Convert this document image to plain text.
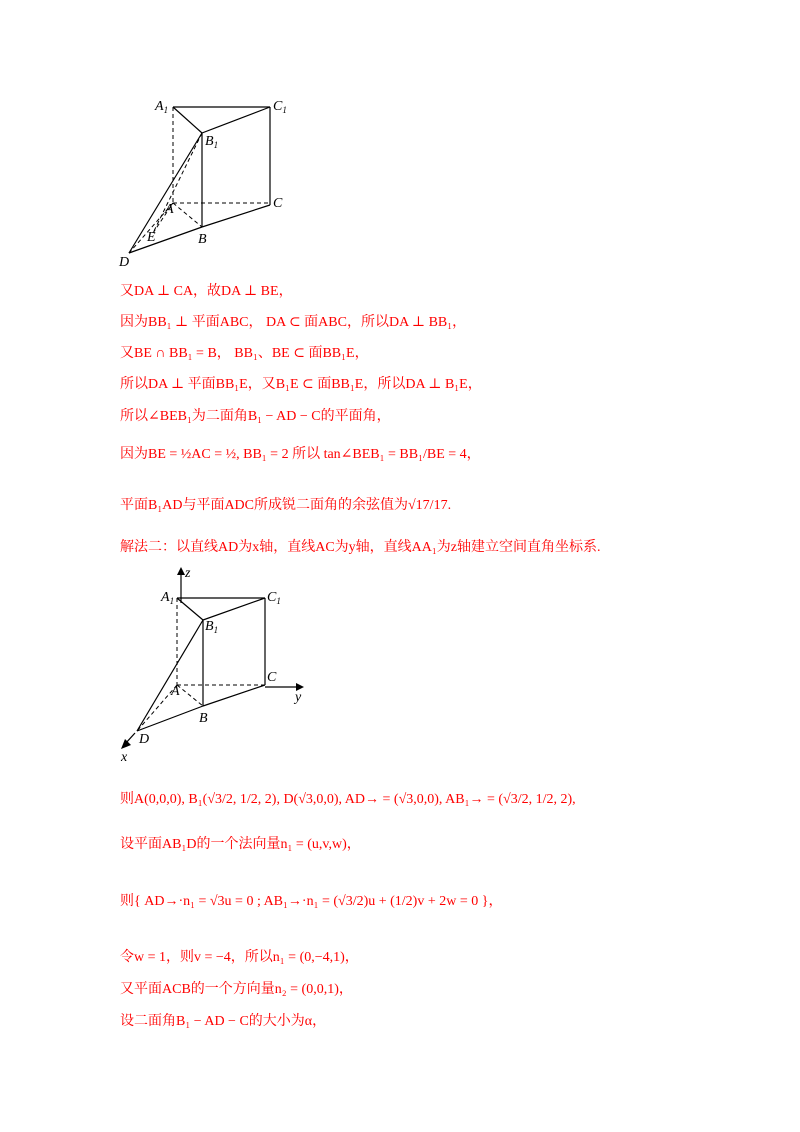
$A_1$	$C_1$
$B_1$
A	C
B
E
D
又DA ⊥ CA，故DA ⊥ BE，
因为BB₁ ⊥ 平面ABC， DA ⊂ 面ABC，所以DA ⊥ BB₁，
又BE ∩ BB₁ = B， BB₁、BE ⊂ 面BB₁E，
所以DA ⊥ 平面BB₁E，又B₁E ⊂ 面BB₁E，所以DA ⊥ B₁E，
所以∠BEB₁为二面角B₁ − AD − C的平面角，
因为BE = ½AC = ½, BB₁ = 2 所以 tan∠BEB₁ = BB₁/BE = 4，
平面B₁AD与平面ADC所成锐二面角的余弦值为√17/17.
解法二：以直线AD为x轴，直线AC为y轴，直线AA₁为z轴建立空间直角坐标系.
z
y
x
$A_1$	$C_1$
$B_1$
A
C
B
D
则A(0,0,0), B₁(√3/2, 1/2, 2), D(√3,0,0), AD→ = (√3,0,0), AB₁→ = (√3/2, 1/2, 2),
设平面AB₁D的一个法向量n₁ = (u,v,w)，
则{ AD→·n₁ = √3u = 0 ; AB₁→·n₁ = (√3/2)u + (1/2)v + 2w = 0 }，
令w = 1，则v = −4，所以n₁ = (0,−4,1)，
又平面ACB的一个方向量n₂ = (0,0,1)，
设二面角B₁ − AD − C的大小为α，
